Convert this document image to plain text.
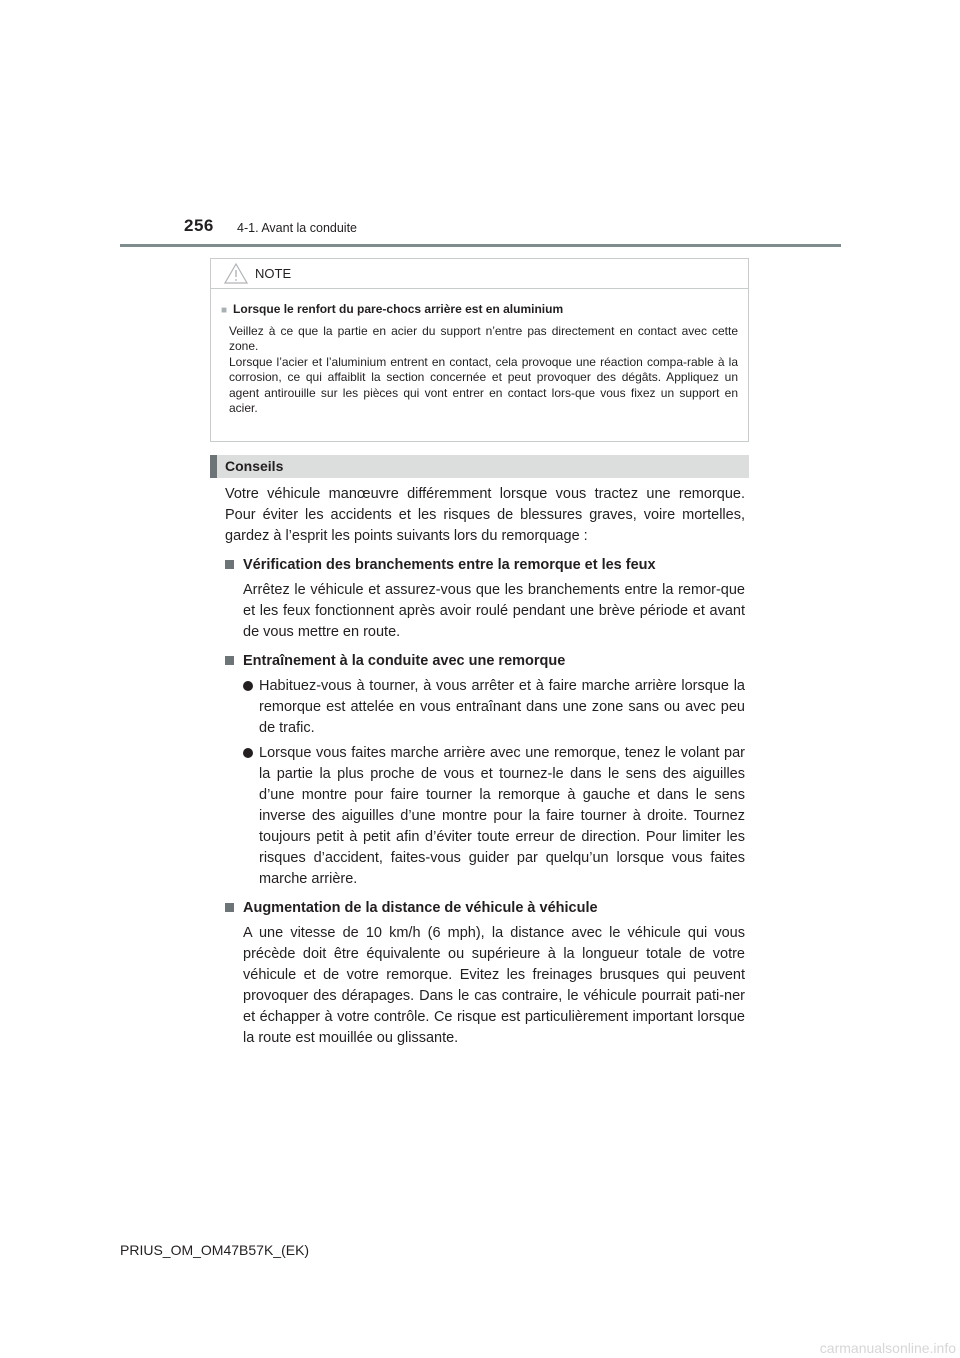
256 4-1. Avant la conduite
NOTE
■ Lorsque le renfort du pare-chocs arrière est en aluminium

Veillez à ce que la partie en acier du support n’entre pas directement en contact avec cette zone.

Lorsque l’acier et l’aluminium entrent en contact, cela provoque une réaction compa-rable à la corrosion, ce qui affaiblit la section concernée et peut provoquer des dégâts. Appliquez un agent antirouille sur les pièces qui vont entrer en contact lors-que vous fixez un support en acier.

Conseils

Votre véhicule manœuvre différemment lorsque vous tractez une remorque. Pour éviter les accidents et les risques de blessures graves, voire mortelles, gardez à l’esprit les points suivants lors du remorquage :

Vérification des branchements entre la remorque et les feux

Arrêtez le véhicule et assurez-vous que les branchements entre la remor-que et les feux fonctionnent après avoir roulé pendant une brève période et avant de vous mettre en route.

Entraînement à la conduite avec une remorque
Habituez-vous à tourner, à vous arrêter et à faire marche arrière lorsque la remorque est attelée en vous entraînant dans une zone sans ou avec peu de trafic.
Lorsque vous faites marche arrière avec une remorque, tenez le volant par la partie la plus proche de vous et tournez-le dans le sens des aiguilles d’une montre pour faire tourner la remorque à gauche et dans le sens inverse des aiguilles d’une montre pour la faire tourner à droite. Tournez toujours petit à petit afin d’éviter toute erreur de direction. Pour limiter les risques d’accident, faites-vous guider par quelqu’un lorsque vous faites marche arrière.
Augmentation de la distance de véhicule à véhicule

A une vitesse de 10 km/h (6 mph), la distance avec le véhicule qui vous précède doit être équivalente ou supérieure à la longueur totale de votre véhicule et de votre remorque. Evitez les freinages brusques qui peuvent provoquer des dérapages. Dans le cas contraire, le véhicule pourrait pati-ner et échapper à votre contrôle. Ce risque est particulièrement important lorsque la route est mouillée ou glissante.

PRIUS_OM_OM47B57K_(EK)
carmanualsonline.info
